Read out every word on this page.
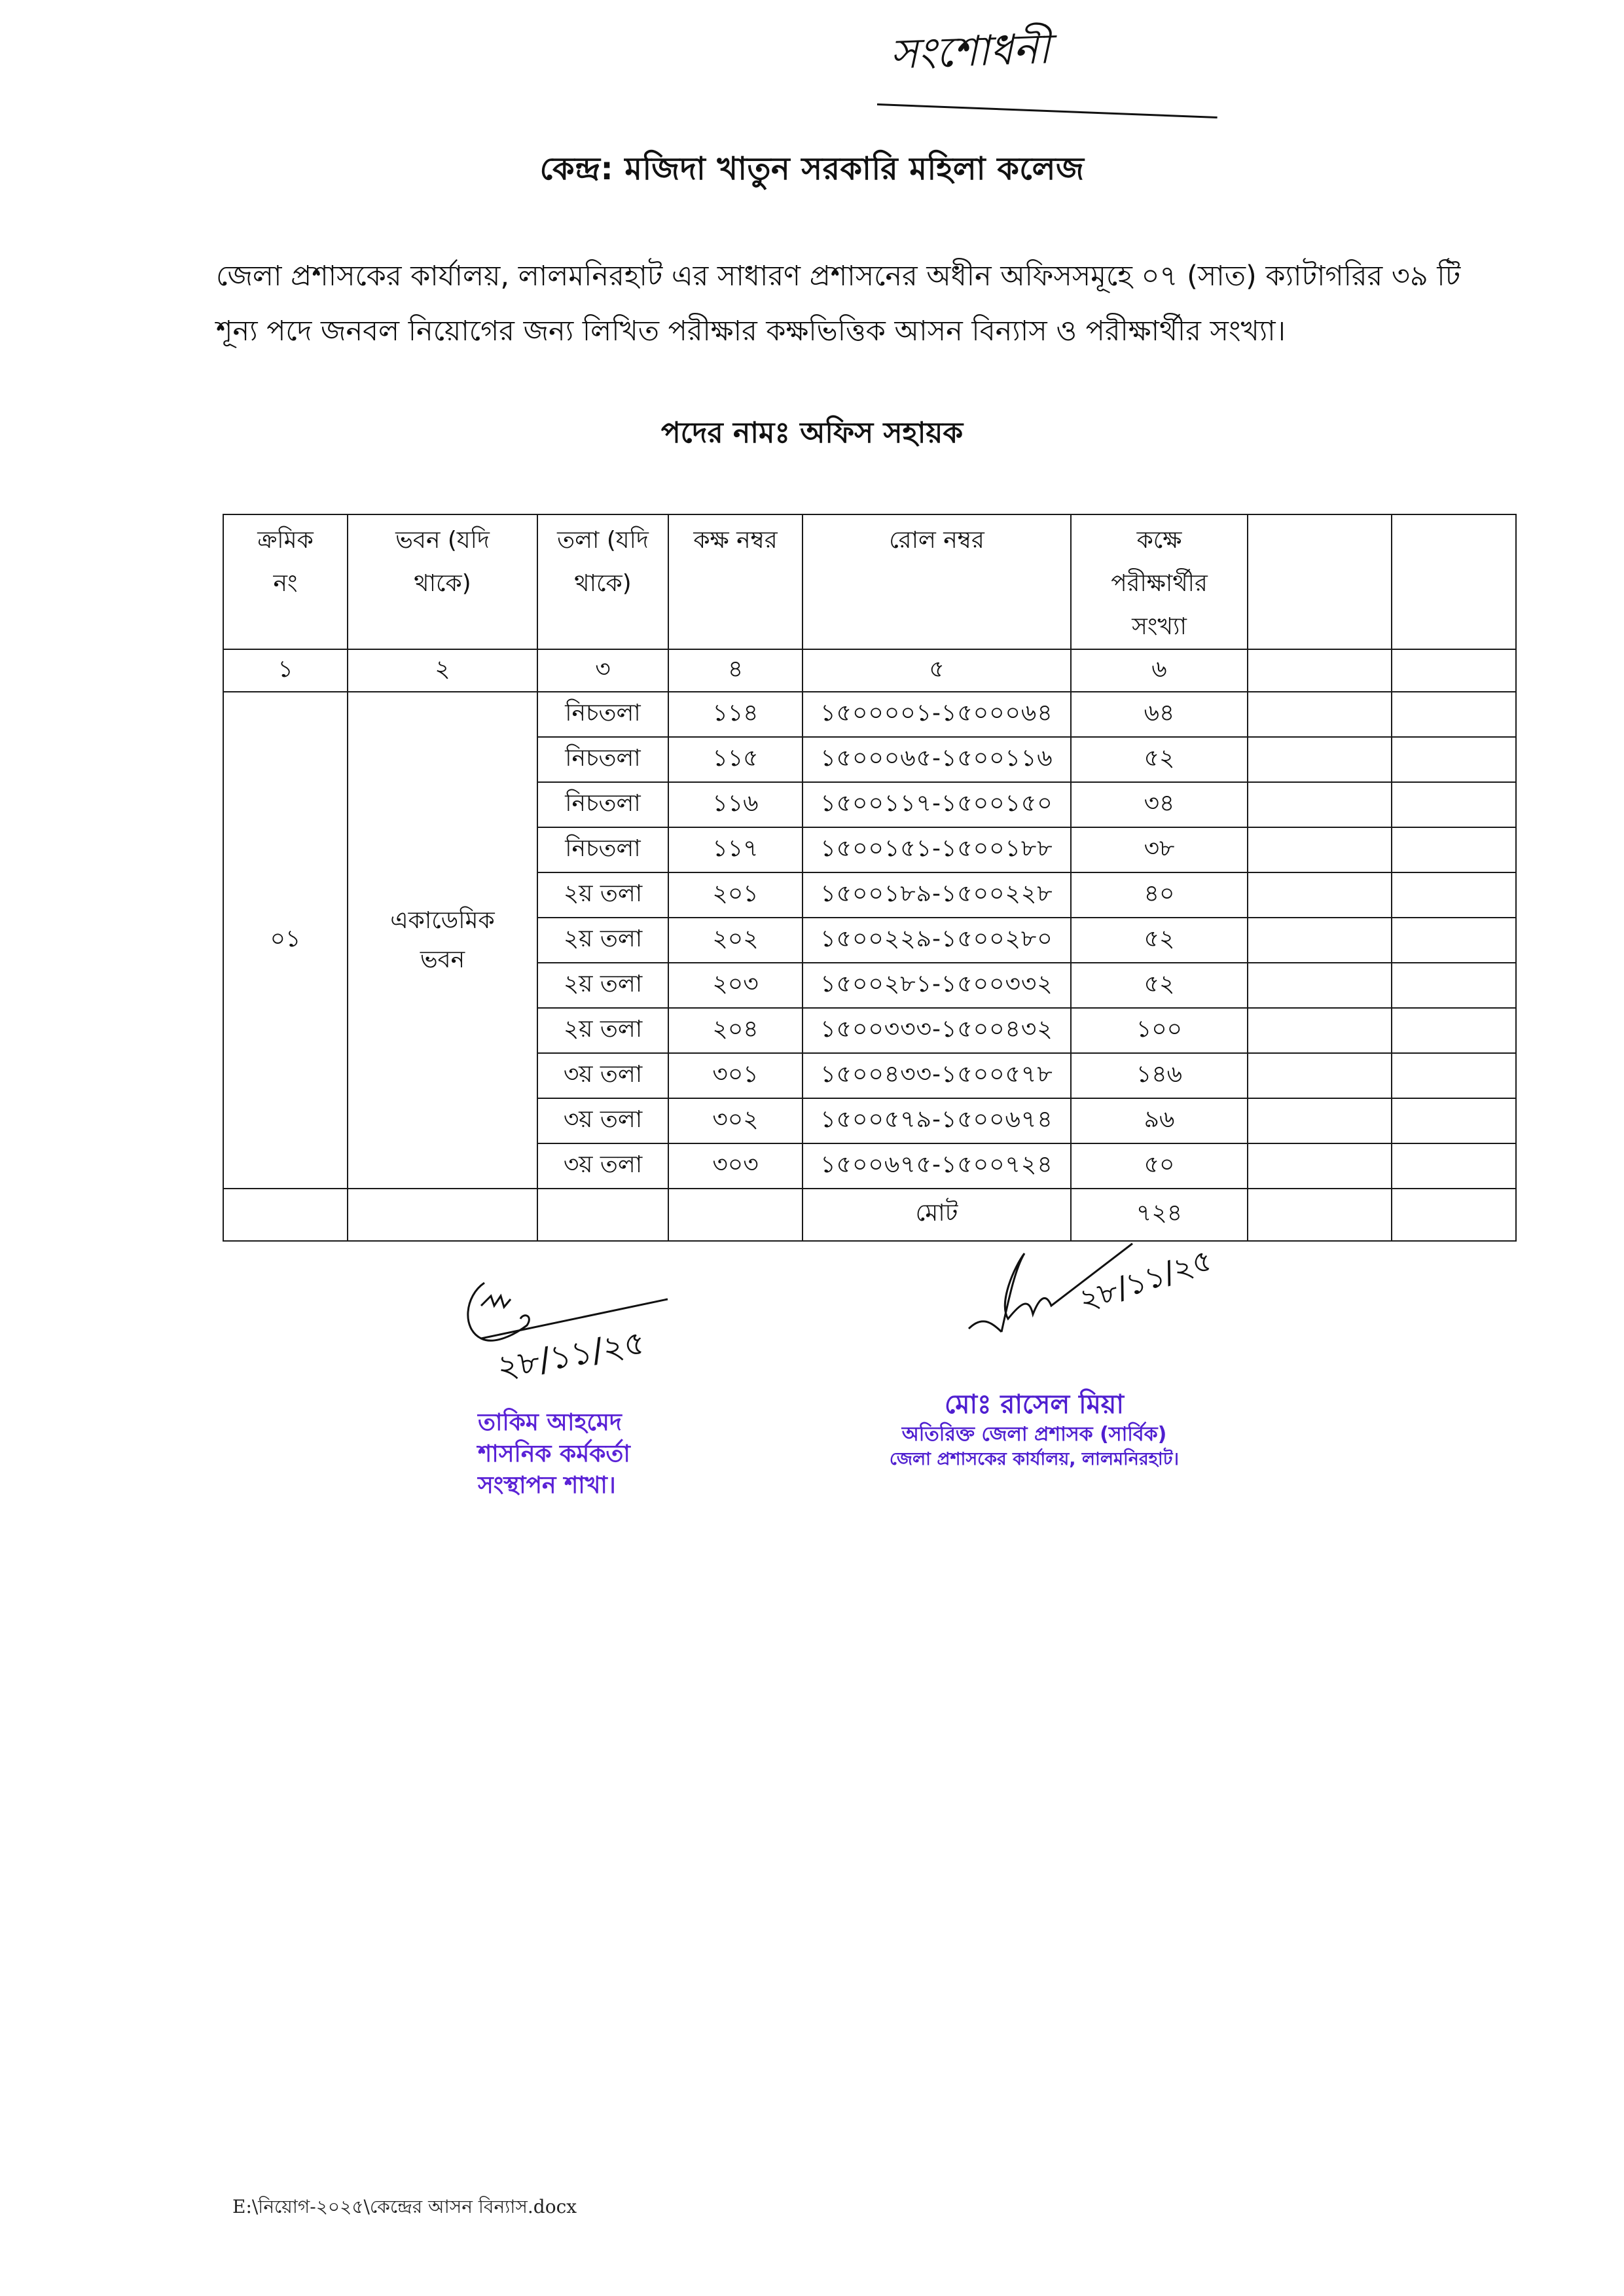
সংশোধনী
কেন্দ্র: মজিদা খাতুন সরকারি মহিলা কলেজ
জেলা প্রশাসকের কার্যালয়, লালমনিরহাট এর সাধারণ প্রশাসনের অধীন অফিসসমূহে ০৭ (সাত) ক্যাটাগরির ৩৯ টি শূন্য পদে জনবল নিয়োগের জন্য লিখিত পরীক্ষার কক্ষভিত্তিক আসন বিন্যাস ও পরীক্ষার্থীর সংখ্যা।
পদের নামঃ অফিস সহায়ক
ক্রমিক নং	ভবন (যদি থাকে)	তলা (যদি থাকে)	কক্ষ নম্বর	রোল নম্বর	কক্ষে পরীক্ষার্থীর সংখ্যা		
১	২	৩	৪	৫	৬		
০১	একাডেমিক ভবন	নিচতলা	১১৪	১৫০০০০১-১৫০০০৬৪	৬৪		
		নিচতলা	১১৫	১৫০০০৬৫-১৫০০১১৬	৫২		
		নিচতলা	১১৬	১৫০০১১৭-১৫০০১৫০	৩৪		
		নিচতলা	১১৭	১৫০০১৫১-১৫০০১৮৮	৩৮		
		২য় তলা	২০১	১৫০০১৮৯-১৫০০২২৮	৪০		
		২য় তলা	২০২	১৫০০২২৯-১৫০০২৮০	৫২		
		২য় তলা	২০৩	১৫০০২৮১-১৫০০৩৩২	৫২		
		২য় তলা	২০৪	১৫০০৩৩৩-১৫০০৪৩২	১০০		
		৩য় তলা	৩০১	১৫০০৪৩৩-১৫০০৫৭৮	১৪৬		
		৩য় তলা	৩০২	১৫০০৫৭৯-১৫০০৬৭৪	৯৬		
		৩য় তলা	৩০৩	১৫০০৬৭৫-১৫০০৭২৪	৫০		
				মোট	৭২৪		
২৮/১১/২৫
তাকিম আহমেদ
শাসনিক কর্মকর্তা
সংস্থাপন শাখা।
২৮/১১/২৫
মোঃ রাসেল মিয়া
অতিরিক্ত জেলা প্রশাসক (সার্বিক)
জেলা প্রশাসকের কার্যালয়, লালমনিরহাট।
E:\নিয়োগ-২০২৫\কেন্দ্রের আসন বিন্যাস.docx
